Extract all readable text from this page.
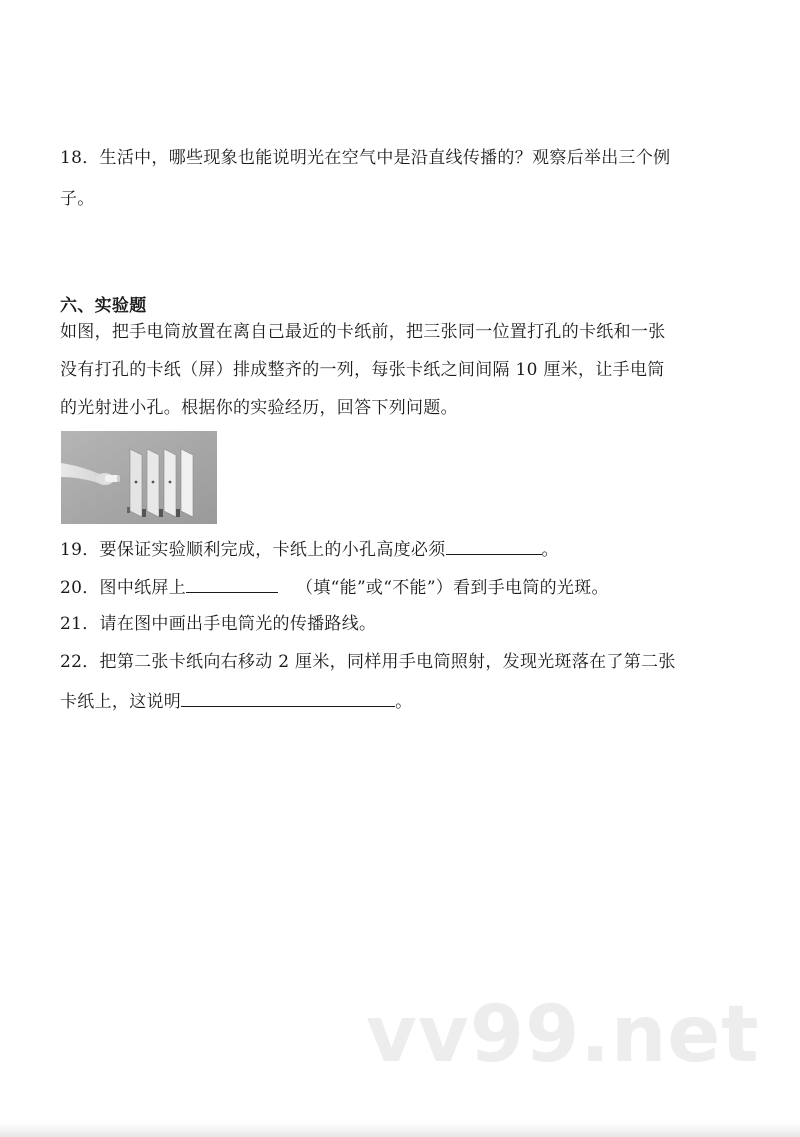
18．生活中，哪些现象也能说明光在空气中是沿直线传播的？观察后举出三个例
子。
六、实验题
如图，把手电筒放置在离自己最近的卡纸前，把三张同一位置打孔的卡纸和一张
没有打孔的卡纸（屏）排成整齐的一列，每张卡纸之间间隔 10 厘米，让手电筒
的光射进小孔。根据你的实验经历，回答下列问题。
19．要保证实验顺利完成，卡纸上的小孔高度必须	。
20．图中纸屏上	（填“能”或“不能”）看到手电筒的光斑。
21．请在图中画出手电筒光的传播路线。
22．把第二张卡纸向右移动 2 厘米，同样用手电筒照射，发现光斑落在了第二张
卡纸上，这说明	。
vv99.net
